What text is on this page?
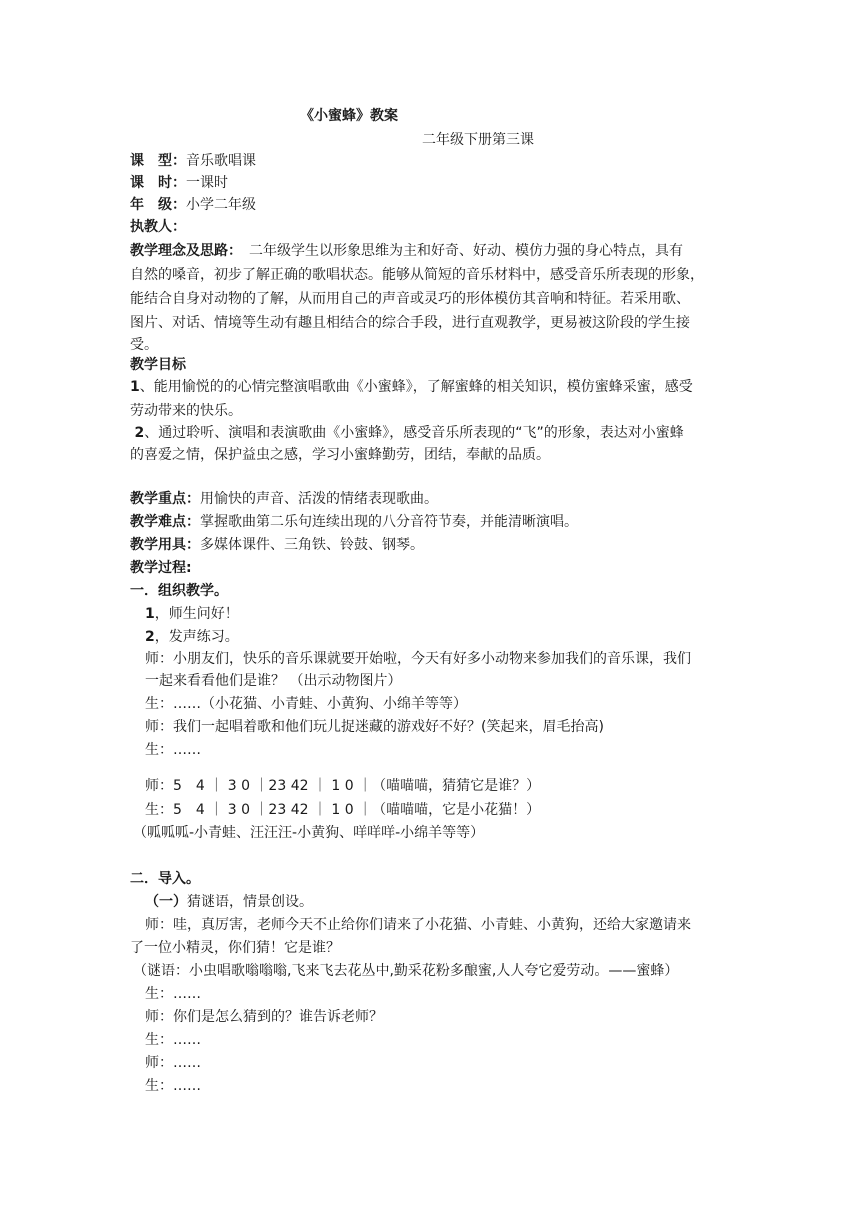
《小蜜蜂》教案
二年级下册第三课
课　型：音乐歌唱课
课　时：一课时
年　级：小学二年级
执教人：
教学理念及思路：　二年级学生以形象思维为主和好奇、好动、模仿力强的身心特点，具有
自然的嗓音，初步了解正确的歌唱状态。能够从简短的音乐材料中，感受音乐所表现的形象，
能结合自身对动物的了解，从而用自己的声音或灵巧的形体模仿其音响和特征。若采用歌、
图片、对话、情境等生动有趣且相结合的综合手段，进行直观教学，更易被这阶段的学生接
受。
教学目标
1、能用愉悦的的心情完整演唱歌曲《小蜜蜂》，了解蜜蜂的相关知识，模仿蜜蜂采蜜，感受
劳动带来的快乐。
2、通过聆听、演唱和表演歌曲《小蜜蜂》，感受音乐所表现的“飞”的形象，表达对小蜜蜂
的喜爱之情，保护益虫之感，学习小蜜蜂勤劳，团结，奉献的品质。
教学重点：用愉快的声音、活泼的情绪表现歌曲。
教学难点：掌握歌曲第二乐句连续出现的八分音符节奏，并能清晰演唱。
教学用具：多媒体课件、三角铁、铃鼓、钢琴。
教学过程:
一．组织教学。
1，师生问好！
2，发声练习。
师：小朋友们，快乐的音乐课就要开始啦，今天有好多小动物来参加我们的音乐课，我们
一起来看看他们是谁？ （出示动物图片）
生：……（小花猫、小青蛙、小黄狗、小绵羊等等）
师：我们一起唱着歌和他们玩儿捉迷藏的游戏好不好？(笑起来，眉毛抬高)
生：……
师：5　4 ｜ 3 0 ｜23 42 ｜ 1 0 ｜（喵喵喵，猜猜它是谁？）
生：5　4 ｜ 3 0 ｜23 42 ｜ 1 0 ｜（喵喵喵，它是小花猫！）
（呱呱呱-小青蛙、汪汪汪-小黄狗、咩咩咩-小绵羊等等）
二．导入。
（一）猜谜语，情景创设。
师：哇，真厉害，老师今天不止给你们请来了小花猫、小青蛙、小黄狗，还给大家邀请来
了一位小精灵，你们猜！它是谁？
（谜语：小虫唱歌嗡嗡嗡,飞来飞去花丛中,勤采花粉多酿蜜,人人夸它爱劳动。——蜜蜂）
生：……
师：你们是怎么猜到的？谁告诉老师？
生：……
师：……
生：……
